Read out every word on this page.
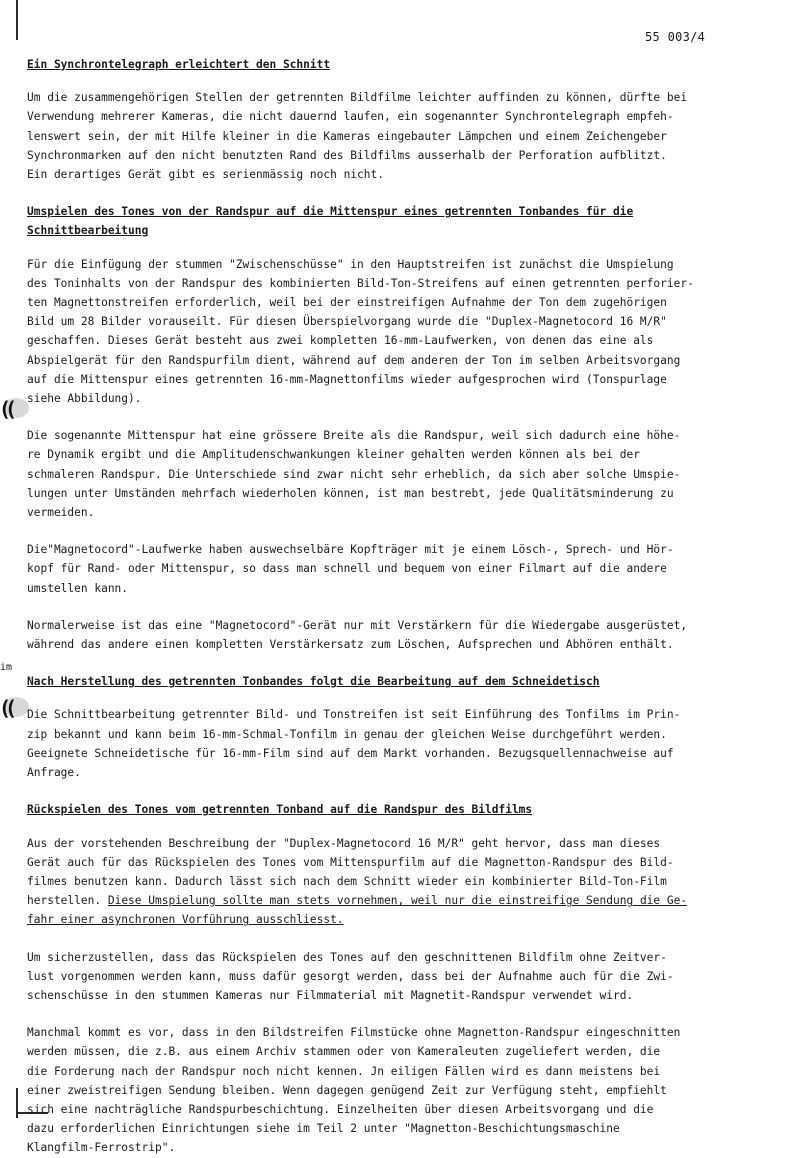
((
((
im
55 003/4
Ein Synchrontelegraph erleichtert den Schnitt
Um die zusammengehörigen Stellen der getrennten Bildfilme leichter auffinden zu können, dürfte bei
Verwendung mehrerer Kameras, die nicht dauernd laufen, ein sogenannter Synchrontelegraph empfeh-
lenswert sein, der mit Hilfe kleiner in die Kameras eingebauter Lämpchen und einem Zeichengeber
Synchronmarken auf den nicht benutzten Rand des Bildfilms ausserhalb der Perforation aufblitzt.
Ein derartiges Gerät gibt es serienmässig noch nicht.
Umspielen des Tones von der Randspur auf die Mittenspur eines getrennten Tonbandes für die
Schnittbearbeitung
Für die Einfügung der stummen "Zwischenschüsse" in den Hauptstreifen ist zunächst die Umspielung
des Toninhalts von der Randspur des kombinierten Bild-Ton-Streifens auf einen getrennten perforier-
ten Magnettonstreifen erforderlich, weil bei der einstreifigen Aufnahme der Ton dem zugehörigen
Bild um 28 Bilder vorauseilt. Für diesen Überspielvorgang wurde die "Duplex-Magnetocord 16 M/R"
geschaffen. Dieses Gerät besteht aus zwei kompletten 16-mm-Laufwerken, von denen das eine als
Abspielgerät für den Randspurfilm dient, während auf dem anderen der Ton im selben Arbeitsvorgang
auf die Mittenspur eines getrennten 16-mm-Magnettonfilms wieder aufgesprochen wird (Tonspurlage
siehe Abbildung).
Die sogenannte Mittenspur hat eine grössere Breite als die Randspur, weil sich dadurch eine höhe-
re Dynamik ergibt und die Amplitudenschwankungen kleiner gehalten werden können als bei der
schmaleren Randspur. Die Unterschiede sind zwar nicht sehr erheblich, da sich aber solche Umspie-
lungen unter Umständen mehrfach wiederholen können, ist man bestrebt, jede Qualitätsminderung zu
vermeiden.
Die"Magnetocord"-Laufwerke haben auswechselbäre Kopfträger mit je einem Lösch-, Sprech- und Hör-
kopf für Rand- oder Mittenspur, so dass man schnell und bequem von einer Filmart auf die andere
umstellen kann.
Normalerweise ist das eine "Magnetocord"-Gerät nur mit Verstärkern für die Wiedergabe ausgerüstet,
während das andere einen kompletten Verstärkersatz zum Löschen, Aufsprechen und Abhören enthält.
Nach Herstellung des getrennten Tonbandes folgt die Bearbeitung auf dem Schneidetisch
Die Schnittbearbeitung getrennter Bild- und Tonstreifen ist seit Einführung des Tonfilms im Prin-
zip bekannt und kann beim 16-mm-Schmal-Tonfilm in genau der gleichen Weise durchgeführt werden.
Geeignete Schneidetische für 16-mm-Film sind auf dem Markt vorhanden. Bezugsquellennachweise auf
Anfrage.
Rückspielen des Tones vom getrennten Tonband auf die Randspur des Bildfilms
Aus der vorstehenden Beschreibung der "Duplex-Magnetocord 16 M/R" geht hervor, dass man dieses
Gerät auch für das Rückspielen des Tones vom Mittenspurfilm auf die Magnetton-Randspur des Bild-
filmes benutzen kann. Dadurch lässt sich nach dem Schnitt wieder ein kombinierter Bild-Ton-Film
herstellen. Diese Umspielung sollte man stets vornehmen, weil nur die einstreifige Sendung die Ge-
fahr einer asynchronen Vorführung ausschliesst.
Um sicherzustellen, dass das Rückspielen des Tones auf den geschnittenen Bildfilm ohne Zeitver-
lust vorgenommen werden kann, muss dafür gesorgt werden, dass bei der Aufnahme auch für die Zwi-
schenschüsse in den stummen Kameras nur Filmmaterial mit Magnetit-Randspur verwendet wird.
Manchmal kommt es vor, dass in den Bildstreifen Filmstücke ohne Magnetton-Randspur eingeschnitten
werden müssen, die z.B. aus einem Archiv stammen oder von Kameraleuten zugeliefert werden, die
die Forderung nach der Randspur noch nicht kennen. Jn eiligen Fällen wird es dann meistens bei
einer zweistreifigen Sendung bleiben. Wenn dagegen genügend Zeit zur Verfügung steht, empfiehlt
sich eine nachträgliche Randspurbeschichtung. Einzelheiten über diesen Arbeitsvorgang und die
dazu erforderlichen Einrichtungen siehe im Teil 2 unter "Magnetton-Beschichtungsmaschine
Klangfilm-Ferrostrip".
